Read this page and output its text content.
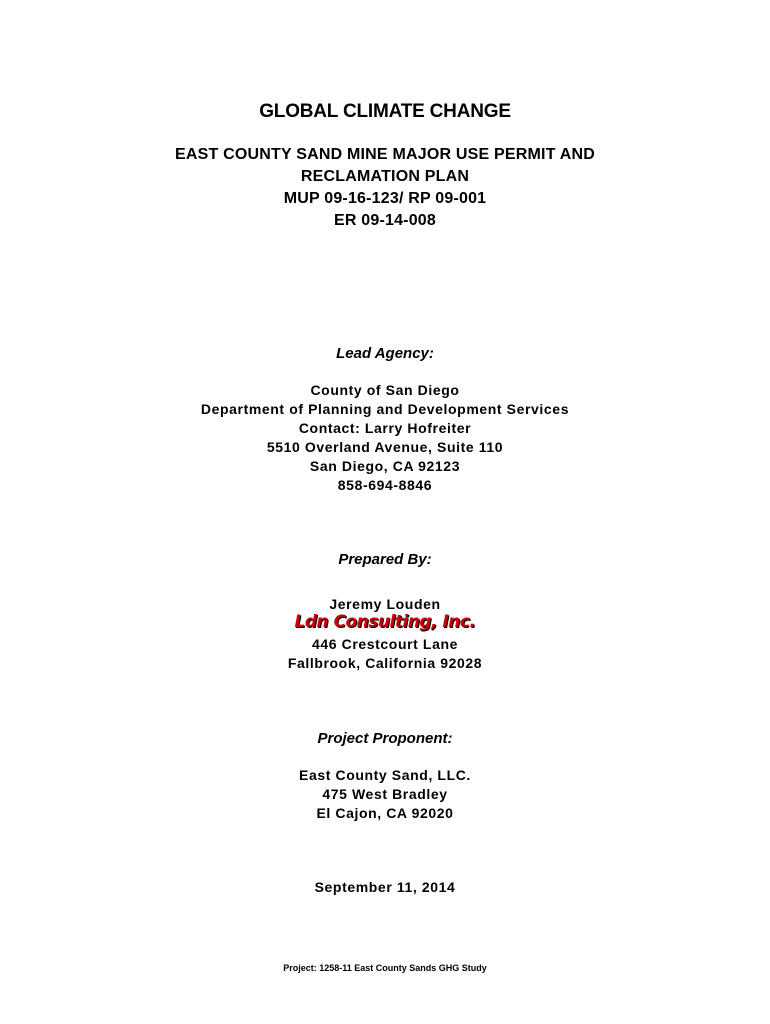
GLOBAL CLIMATE CHANGE
EAST COUNTY SAND MINE MAJOR USE PERMIT AND
RECLAMATION PLAN
MUP 09-16-123/ RP 09-001
ER 09-14-008
Lead Agency:
County of San Diego
Department of Planning and Development Services
Contact: Larry Hofreiter
5510 Overland Avenue, Suite 110
San Diego, CA 92123
858-694-8846
Prepared By:
Jeremy Louden
Ldn Consulting, Inc.
446 Crestcourt Lane
Fallbrook, California 92028
Project Proponent:
East County Sand, LLC.
475 West Bradley
El Cajon, CA 92020
September 11, 2014
Project: 1258-11 East County Sands GHG Study
